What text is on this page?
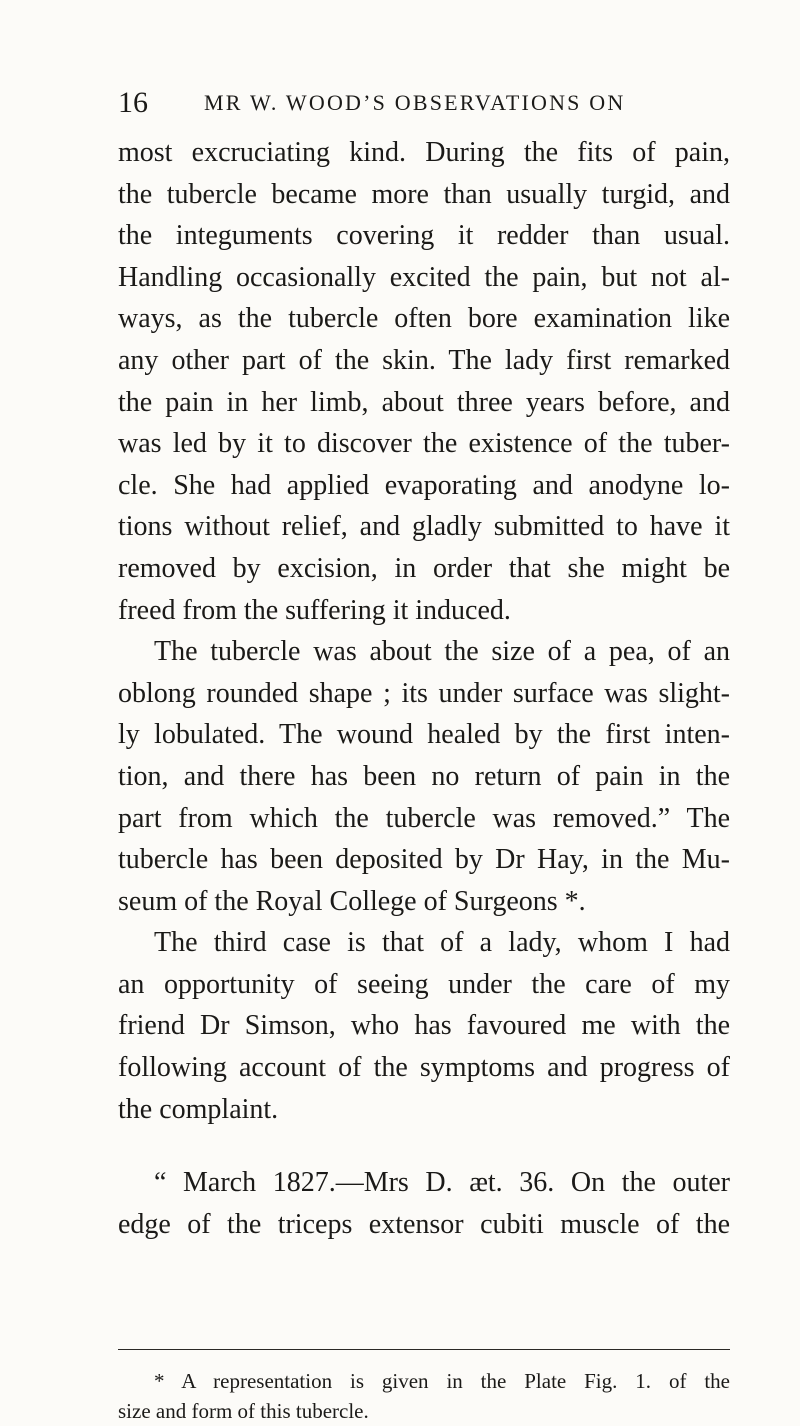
16	MR W. WOOD’S OBSERVATIONS ON
most excruciating kind. During the fits of pain,
the tubercle became more than usually turgid, and
the integuments covering it redder than usual.
Handling occasionally excited the pain, but not al-
ways, as the tubercle often bore examination like
any other part of the skin. The lady first remarked
the pain in her limb, about three years before, and
was led by it to discover the existence of the tuber-
cle. She had applied evaporating and anodyne lo-
tions without relief, and gladly submitted to have it
removed by excision, in order that she might be
freed from the suffering it induced.
The tubercle was about the size of a pea, of an
oblong rounded shape ; its under surface was slight-
ly lobulated. The wound healed by the first inten-
tion, and there has been no return of pain in the
part from which the tubercle was removed.” The
tubercle has been deposited by Dr Hay, in the Mu-
seum of the Royal College of Surgeons *.
The third case is that of a lady, whom I had
an opportunity of seeing under the care of my
friend Dr Simson, who has favoured me with the
following account of the symptoms and progress of
the complaint.
“ March 1827.—Mrs D. æt. 36. On the outer
edge of the triceps extensor cubiti muscle of the
* A representation is given in the Plate Fig. 1. of the
size and form of this tubercle.
